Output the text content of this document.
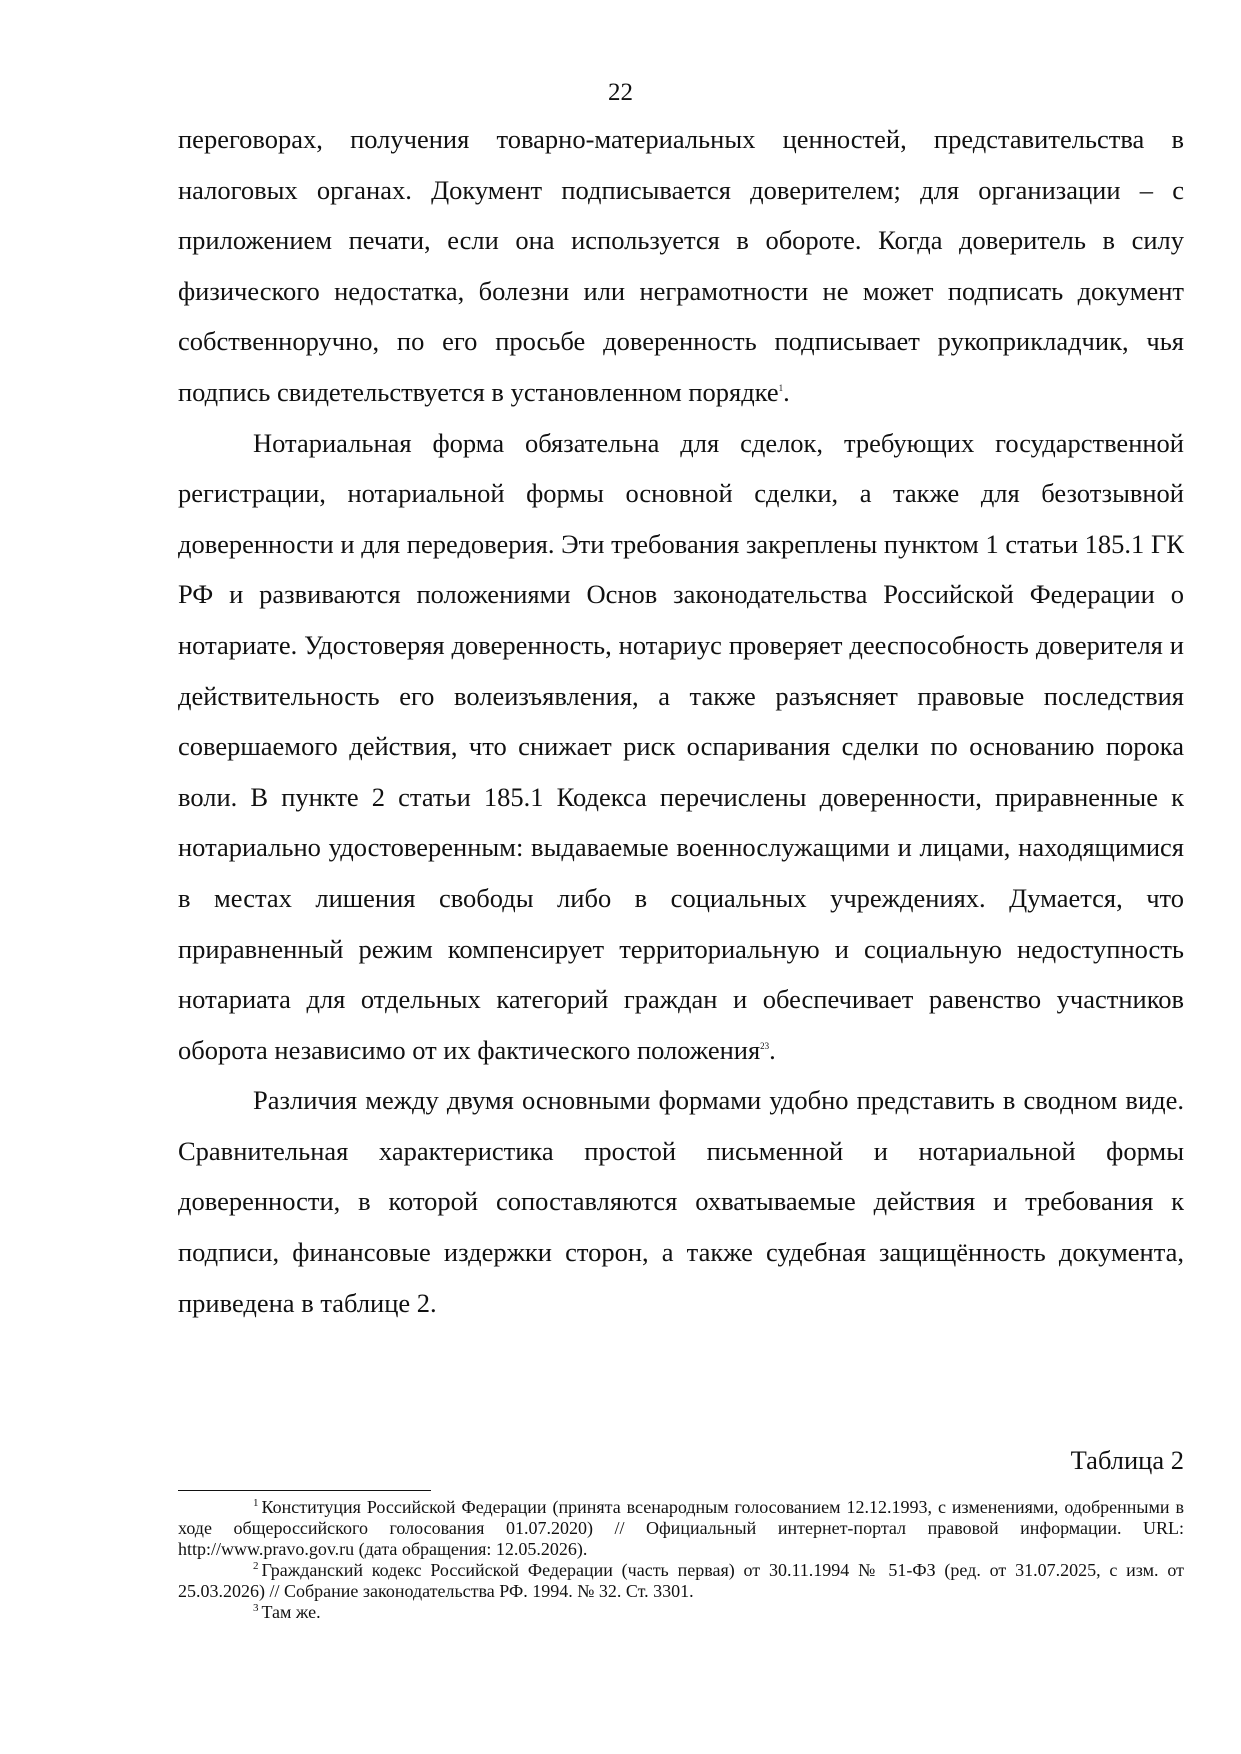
22

переговорах, получения товарно-материальных ценностей, представительства в налоговых органах. Документ подписывается доверителем; для организации – с приложением печати, если она используется в обороте. Когда доверитель в силу физического недостатка, болезни или неграмотности не может подписать документ собственноручно, по его просьбе доверенность подписывает рукоприкладчик, чья подпись свидетельствуется в установленном порядке$^1$.

Нотариальная форма обязательна для сделок, требующих государственной регистрации, нотариальной формы основной сделки, а также для безотзывной доверенности и для передоверия. Эти требования закреплены пунктом 1 статьи 185.1 ГК РФ и развиваются положениями Основ законодательства Российской Федерации о нотариате. Удостоверяя доверенность, нотариус проверяет дееспособность доверителя и действительность его волеизъявления, а также разъясняет правовые последствия совершаемого действия, что снижает риск оспаривания сделки по основанию порока воли. В пункте 2 статьи 185.1 Кодекса перечислены доверенности, приравненные к нотариально удостоверенным: выдаваемые военнослужащими и лицами, находящимися в местах лишения свободы либо в социальных учреждениях. Думается, что приравненный режим компенсирует территориальную и социальную недоступность нотариата для отдельных категорий граждан и обеспечивает равенство участников оборота независимо от их фактического положения$^{23}$.

Различия между двумя основными формами удобно представить в сводном виде. Сравнительная характеристика простой письменной и нотариальной формы доверенности, в которой сопоставляются охватываемые действия и требования к подписи, финансовые издержки сторон, а также судебная защищённость документа, приведена в таблице 2.

Таблица 2

$^1$ Конституция Российской Федерации (принята всенародным голосованием 12.12.1993, с изменениями, одобренными в ходе общероссийского голосования 01.07.2020) // Официальный интернет-портал правовой информации. URL: http://www.pravo.gov.ru (дата обращения: 12.05.2026).

$^2$ Гражданский кодекс Российской Федерации (часть первая) от 30.11.1994 № 51-ФЗ (ред. от 31.07.2025, с изм. от 25.03.2026) // Собрание законодательства РФ. 1994. № 32. Ст. 3301.

$^3$ Там же.
